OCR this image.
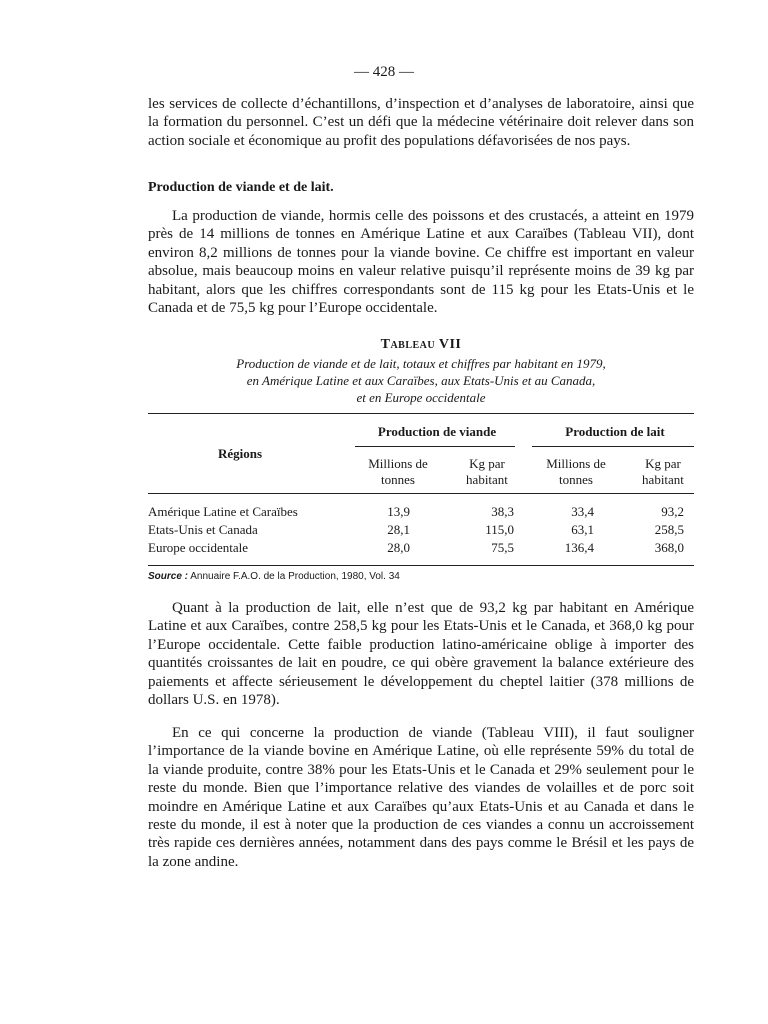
— 428 —

les services de collecte d’échantillons, d’inspection et d’analyses de laboratoire, ainsi que la formation du personnel. C’est un défi que la médecine vétérinaire doit relever dans son action sociale et économique au profit des populations défavorisées de nos pays.

Production de viande et de lait.

La production de viande, hormis celle des poissons et des crustacés, a atteint en 1979 près de 14 millions de tonnes en Amérique Latine et aux Caraïbes (Tableau VII), dont environ 8,2 millions de tonnes pour la viande bovine. Ce chiffre est important en valeur absolue, mais beaucoup moins en valeur relative puisqu’il représente moins de 39 kg par habitant, alors que les chiffres correspondants sont de 115 kg pour les Etats-Unis et le Canada et de 75,5 kg pour l’Europe occidentale.

Tableau VII
Production de viande et de lait, totaux et chiffres par habitant en 1979,
en Amérique Latine et aux Caraïbes, aux Etats-Unis et au Canada,
et en Europe occidentale
Régions
Production de viande	Production de lait
Millions de
tonnes
Kg par
habitant
Millions de
tonnes
Kg par
habitant
Amérique Latine et Caraïbes	13,9	38,3	33,4	93,2
Etats-Unis et Canada	28,1	115,0	63,1	258,5
Europe occidentale	28,0	75,5	136,4	368,0
Source : Annuaire F.A.O. de la Production, 1980, Vol. 34

Quant à la production de lait, elle n’est que de 93,2 kg par habitant en Amérique Latine et aux Caraïbes, contre 258,5 kg pour les Etats-Unis et le Canada, et 368,0 kg pour l’Europe occidentale. Cette faible production latino-américaine oblige à importer des quantités croissantes de lait en poudre, ce qui obère gravement la balance extérieure des paiements et affecte sérieusement le développement du cheptel laitier (378 millions de dollars U.S. en 1978).

En ce qui concerne la production de viande (Tableau VIII), il faut souligner l’importance de la viande bovine en Amérique Latine, où elle représente 59% du total de la viande produite, contre 38% pour les Etats-Unis et le Canada et 29% seulement pour le reste du monde. Bien que l’importance relative des viandes de volailles et de porc soit moindre en Amérique Latine et aux Caraïbes qu’aux Etats-Unis et au Canada et dans le reste du monde, il est à noter que la production de ces viandes a connu un accroissement très rapide ces dernières années, notamment dans des pays comme le Brésil et les pays de la zone andine.
